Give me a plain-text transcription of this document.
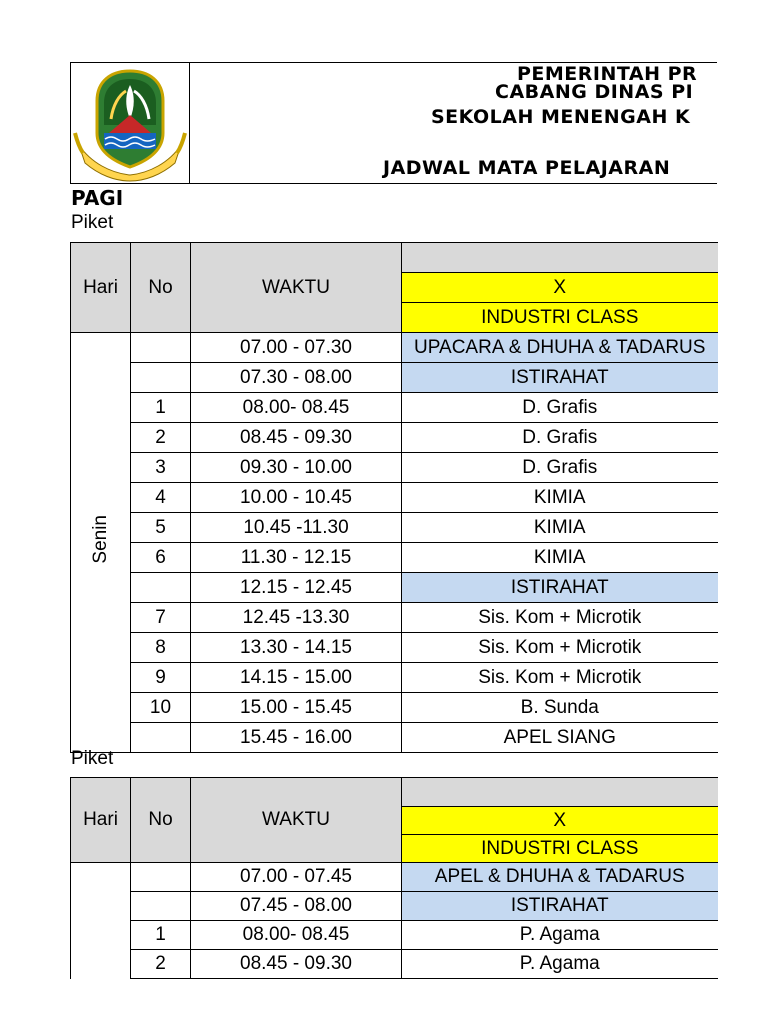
PEMERINTAH PR
CABANG DINAS PI
SEKOLAH MENENGAH K
JADWAL MATA PELAJARAN
PAGI
Piket
Hari	No	WAKTU	
			X
			INDUSTRI CLASS
Senin		07.00 - 07.30	UPACARA & DHUHA & TADARUS
		07.30 - 08.00	ISTIRAHAT
	1	08.00- 08.45	D. Grafis
	2	08.45 - 09.30	D. Grafis
	3	09.30 - 10.00	D. Grafis
	4	10.00 - 10.45	KIMIA
	5	10.45 -11.30	KIMIA
	6	11.30 - 12.15	KIMIA
		12.15 - 12.45	ISTIRAHAT
	7	12.45 -13.30	Sis. Kom + Microtik
	8	13.30 - 14.15	Sis. Kom + Microtik
	9	14.15 - 15.00	Sis. Kom + Microtik
	10	15.00 - 15.45	B. Sunda
		15.45 - 16.00	APEL SIANG
Piket
Hari	No	WAKTU	
			X
			INDUSTRI CLASS
		07.00 - 07.45	APEL & DHUHA & TADARUS
		07.45 - 08.00	ISTIRAHAT
	1	08.00- 08.45	P. Agama
	2	08.45 - 09.30	P. Agama
